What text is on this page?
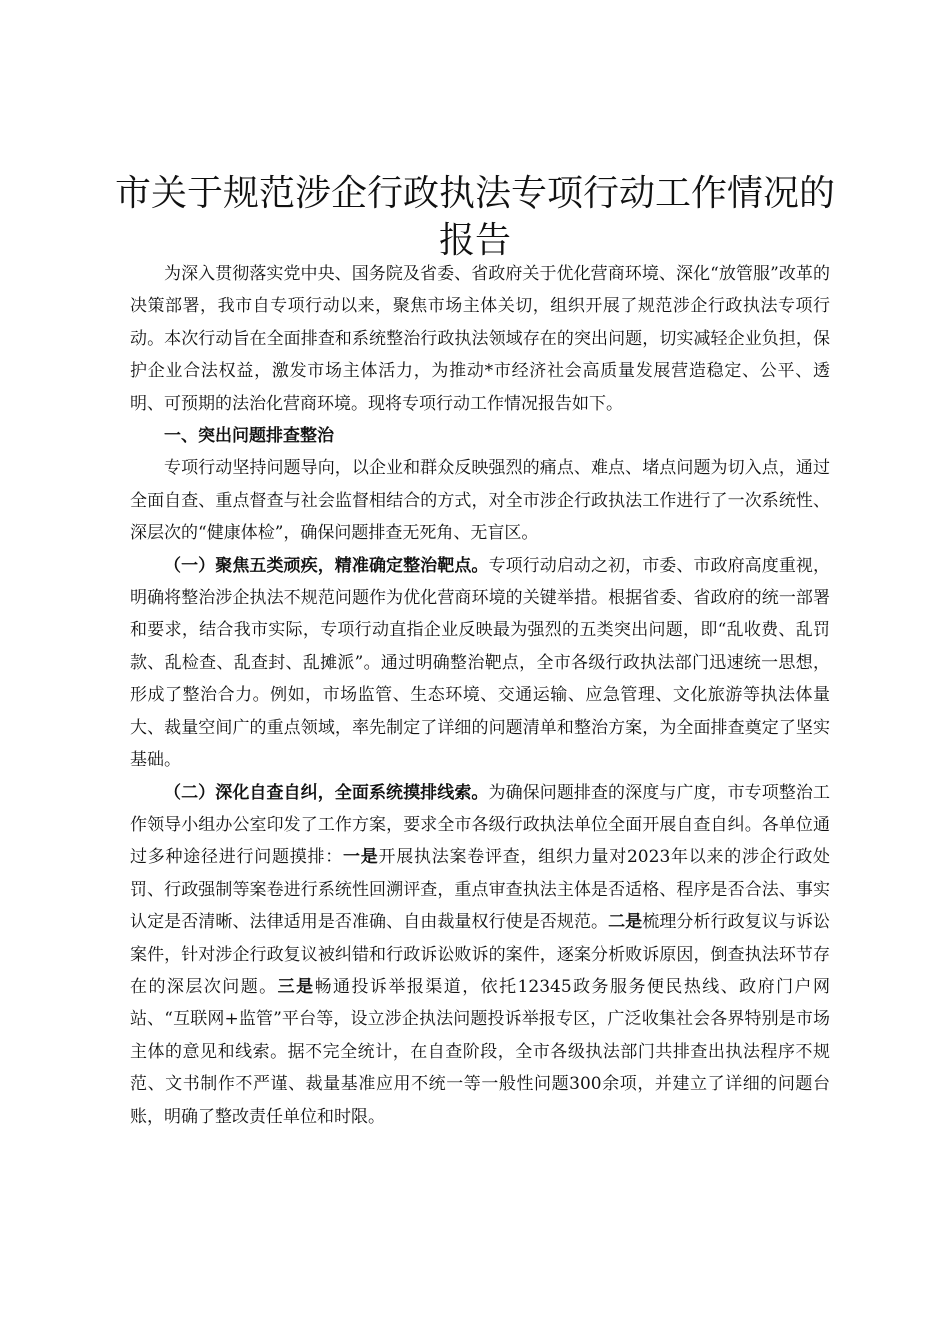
市关于规范涉企行政执法专项行动工作情况的
报告

为深入贯彻落实党中央、国务院及省委、省政府关于优化营商环境、深化“放管服”改革的决策部署，我市自专项行动以来，聚焦市场主体关切，组织开展了规范涉企行政执法专项行动。本次行动旨在全面排查和系统整治行政执法领域存在的突出问题，切实减轻企业负担，保护企业合法权益，激发市场主体活力，为推动*市经济社会高质量发展营造稳定、公平、透明、可预期的法治化营商环境。现将专项行动工作情况报告如下。

一、突出问题排查整治

专项行动坚持问题导向，以企业和群众反映强烈的痛点、难点、堵点问题为切入点，通过全面自查、重点督查与社会监督相结合的方式，对全市涉企行政执法工作进行了一次系统性、深层次的“健康体检”，确保问题排查无死角、无盲区。

（一）聚焦五类顽疾，精准确定整治靶点。专项行动启动之初，市委、市政府高度重视，明确将整治涉企执法不规范问题作为优化营商环境的关键举措。根据省委、省政府的统一部署和要求，结合我市实际，专项行动直指企业反映最为强烈的五类突出问题，即“乱收费、乱罚款、乱检查、乱查封、乱摊派”。通过明确整治靶点，全市各级行政执法部门迅速统一思想，形成了整治合力。例如，市场监管、生态环境、交通运输、应急管理、文化旅游等执法体量大、裁量空间广的重点领域，率先制定了详细的问题清单和整治方案，为全面排查奠定了坚实基础。

（二）深化自查自纠，全面系统摸排线索。为确保问题排查的深度与广度，市专项整治工作领导小组办公室印发了工作方案，要求全市各级行政执法单位全面开展自查自纠。各单位通过多种途径进行问题摸排：一是开展执法案卷评查，组织力量对2023年以来的涉企行政处罚、行政强制等案卷进行系统性回溯评查，重点审查执法主体是否适格、程序是否合法、事实认定是否清晰、法律适用是否准确、自由裁量权行使是否规范。二是梳理分析行政复议与诉讼案件，针对涉企行政复议被纠错和行政诉讼败诉的案件，逐案分析败诉原因，倒查执法环节存在的深层次问题。三是畅通投诉举报渠道，依托12345政务服务便民热线、政府门户网站、“互联网+监管”平台等，设立涉企执法问题投诉举报专区，广泛收集社会各界特别是市场主体的意见和线索。据不完全统计，在自查阶段，全市各级执法部门共排查出执法程序不规范、文书制作不严谨、裁量基准应用不统一等一般性问题300余项，并建立了详细的问题台账，明确了整改责任单位和时限。
